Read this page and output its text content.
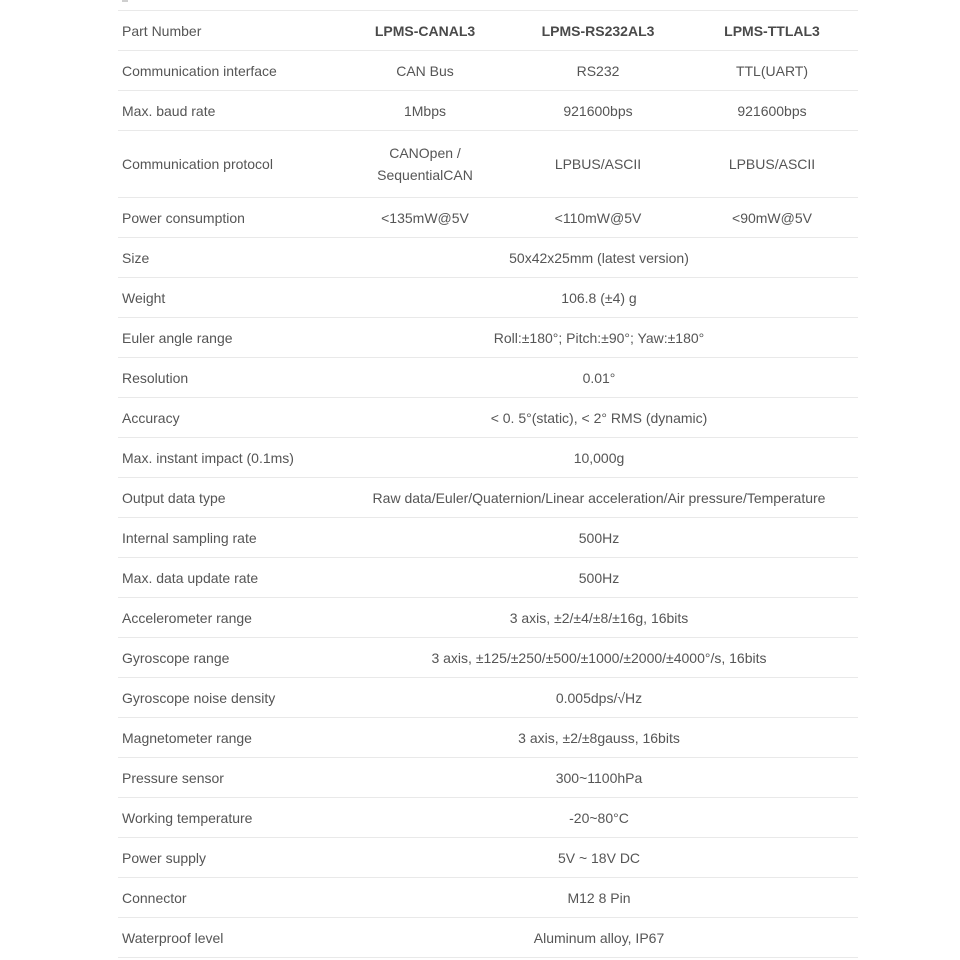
Part Number	LPMS-CANAL3	LPMS-RS232AL3	LPMS-TTLAL3
Communication interface	CAN Bus	RS232	TTL(UART)
Max. baud rate	1Mbps	921600bps	921600bps
Communication protocol	CANOpen / SequentialCAN	LPBUS/ASCII	LPBUS/ASCII
Power consumption	<135mW@5V	<110mW@5V	<90mW@5V
Size	50x42x25mm (latest version)		
Weight	106.8 (±4) g		
Euler angle range	Roll:±180°; Pitch:±90°; Yaw:±180°		
Resolution	0.01°		
Accuracy	< 0. 5°(static), < 2° RMS (dynamic)		
Max. instant impact (0.1ms)	10,000g		
Output data type	Raw data/Euler/Quaternion/Linear acceleration/Air pressure/Temperature		
Internal sampling rate	500Hz		
Max. data update rate	500Hz		
Accelerometer range	3 axis, ±2/±4/±8/±16g, 16bits		
Gyroscope range	3 axis, ±125/±250/±500/±1000/±2000/±4000°/s, 16bits		
Gyroscope noise density	0.005dps/√Hz		
Magnetometer range	3 axis, ±2/±8gauss, 16bits		
Pressure sensor	300~1100hPa		
Working temperature	-20~80°C		
Power supply	5V ~ 18V DC		
Connector	M12 8 Pin		
Waterproof level	Aluminum alloy, IP67		
